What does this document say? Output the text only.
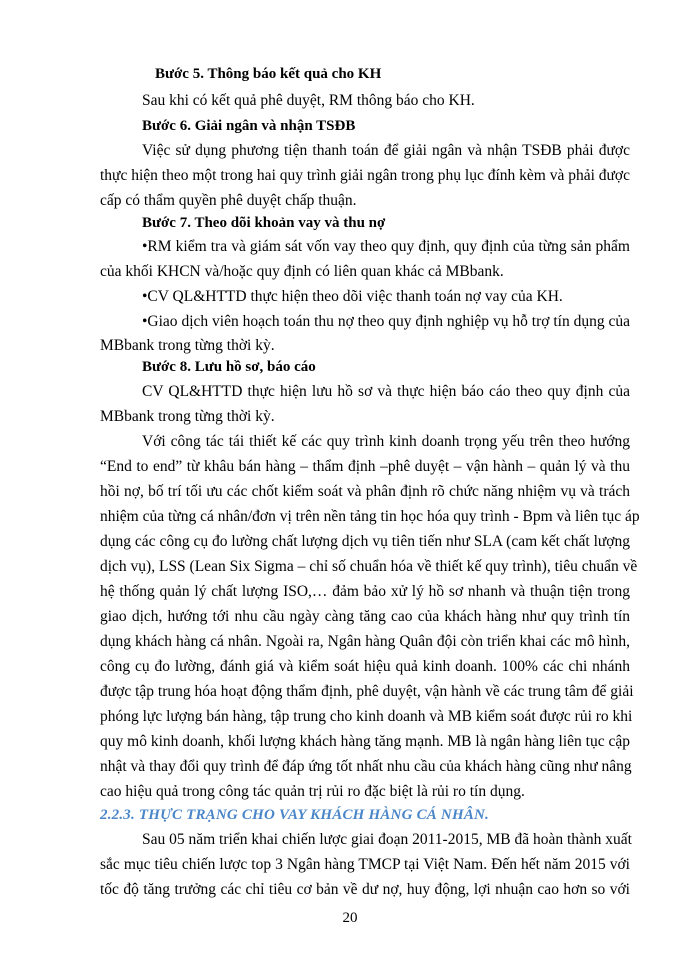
Bước 5. Thông báo kết quả cho KH

Sau khi có kết quả phê duyệt, RM thông báo cho KH.

Bước 6. Giải ngân và nhận TSĐB

Việc sử dụng phương tiện thanh toán để giải ngân và nhận TSĐB phải được

thực hiện theo một trong hai quy trình giải ngân trong phụ lục đính kèm và phải được

cấp có thẩm quyền phê duyệt chấp thuận.

Bước 7. Theo dõi khoản vay và thu nợ

•RM kiểm tra và giám sát vốn vay theo quy định, quy định của từng sản phẩm

của khối KHCN và/hoặc quy định có liên quan khác cả MBbank.

•CV QL&HTTD thực hiện theo dõi việc thanh toán nợ vay của KH.

•Giao dịch viên hoạch toán thu nợ theo quy định nghiệp vụ hỗ trợ tín dụng của

MBbank trong từng thời kỳ.

Bước 8. Lưu hồ sơ, báo cáo

CV QL&HTTD thực hiện lưu hồ sơ và thực hiện báo cáo theo quy định của

MBbank trong từng thời kỳ.

Với công tác tái thiết kế các quy trình kinh doanh trọng yếu trên theo hướng

“End to end” từ khâu bán hàng – thẩm định –phê duyệt – vận hành – quản lý và thu

hồi nợ, bố trí tối ưu các chốt kiểm soát và phân định rõ chức năng nhiệm vụ và trách

nhiệm của từng cá nhân/đơn vị trên nền tảng tin học hóa quy trình - Bpm và liên tục áp

dụng các công cụ đo lường chất lượng dịch vụ tiên tiến như SLA (cam kết chất lượng

dịch vụ), LSS (Lean Six Sigma – chỉ số chuẩn hóa về thiết kế quy trình), tiêu chuẩn về

hệ thống quản lý chất lượng ISO,… đảm bảo xử lý hồ sơ nhanh và thuận tiện trong

giao dịch, hướng tới nhu cầu ngày càng tăng cao của khách hàng như quy trình tín

dụng khách hàng cá nhân. Ngoài ra, Ngân hàng Quân đội còn triển khai các mô hình,

công cụ đo lường, đánh giá và kiểm soát hiệu quả kinh doanh. 100% các chi nhánh

được tập trung hóa hoạt động thẩm định, phê duyệt, vận hành về các trung tâm để giải

phóng lực lượng bán hàng, tập trung cho kinh doanh và MB kiểm soát được rủi ro khi

quy mô kinh doanh, khối lượng khách hàng tăng mạnh. MB là ngân hàng liên tục cập

nhật và thay đổi quy trình để đáp ứng tốt nhất nhu cầu của khách hàng cũng như nâng

cao hiệu quả trong công tác quản trị rủi ro đặc biệt là rủi ro tín dụng.

2.2.3. THỰC TRẠNG CHO VAY KHÁCH HÀNG CÁ NHÂN.

Sau 05 năm triển khai chiến lược giai đoạn 2011-2015, MB đã hoàn thành xuất

sắc mục tiêu chiến lược top 3 Ngân hàng TMCP tại Việt Nam. Đến hết năm 2015 với

tốc độ tăng trưởng các chỉ tiêu cơ bản về dư nợ, huy động, lợi nhuận cao hơn so với

20
